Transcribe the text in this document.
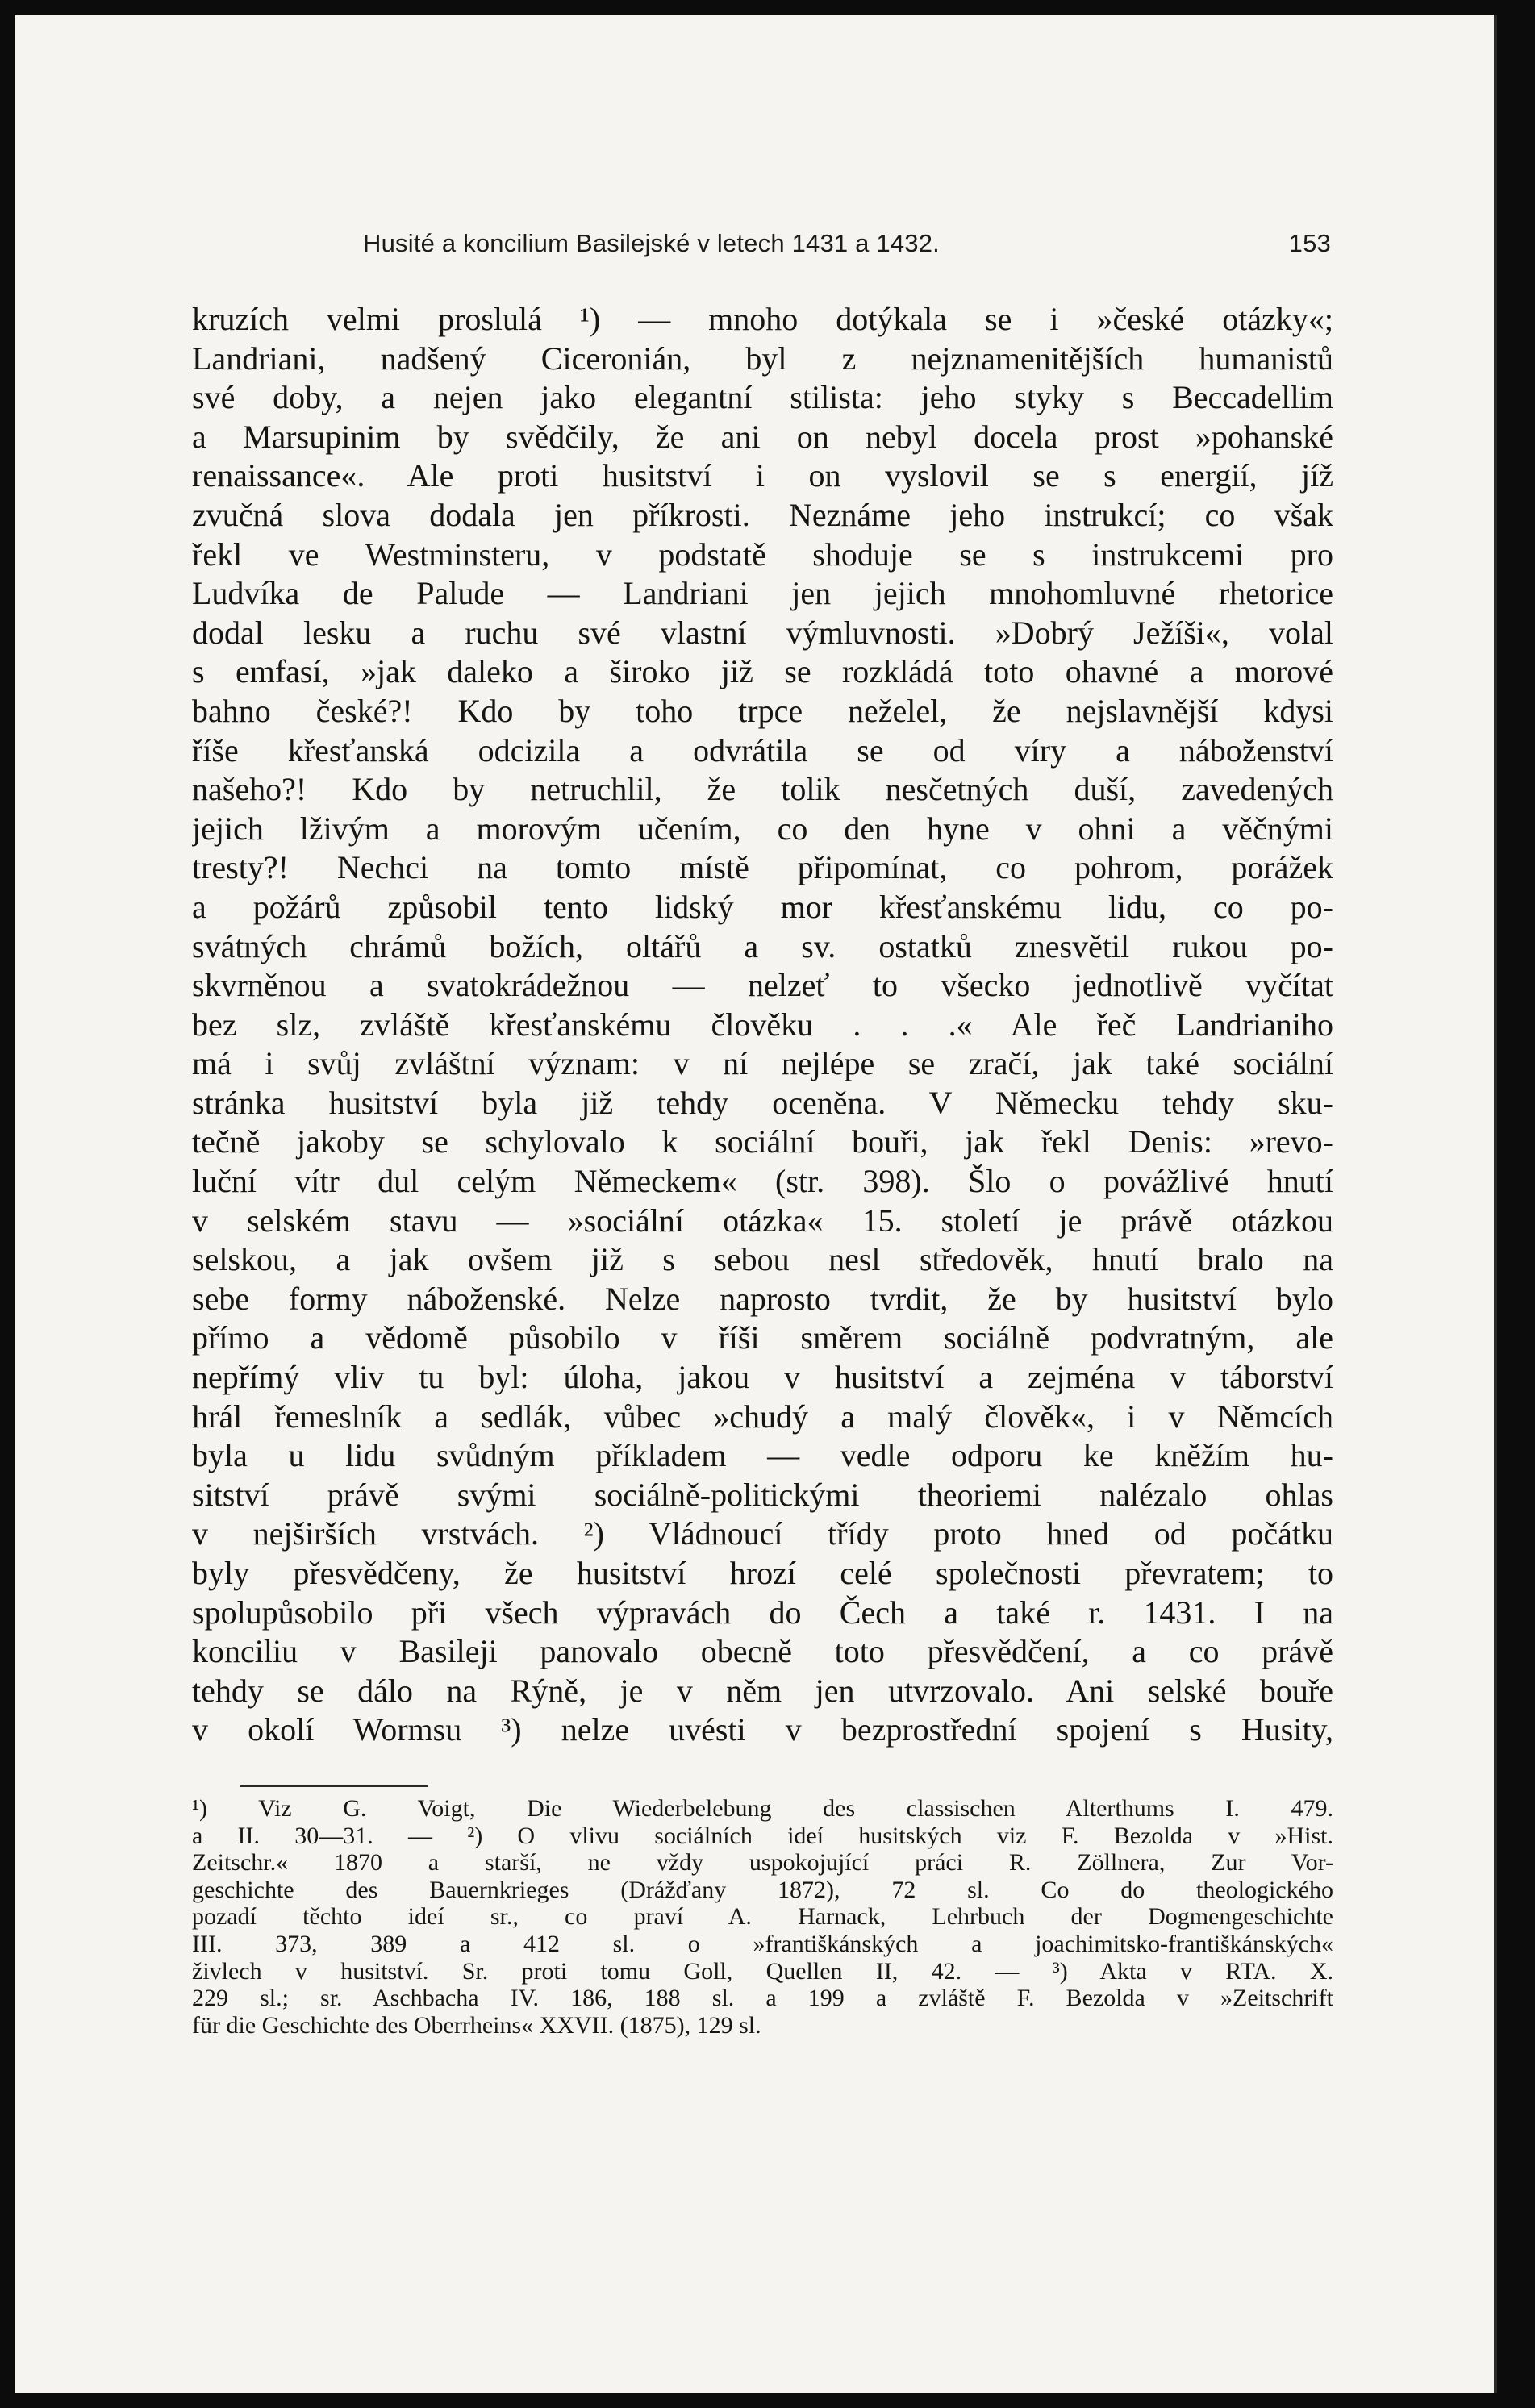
Husité a koncilium Basilejské v letech 1431 a 1432.	153
kruzích velmi proslulá ¹) — mnoho dotýkala se i »české otázky«;
Landriani, nadšený Ciceronián, byl z nejznamenitějších humanistů
své doby, a nejen jako elegantní stilista: jeho styky s Beccadellim
a Marsupinim by svědčily, že ani on nebyl docela prost »pohanské
renaissance«. Ale proti husitství i on vyslovil se s energií, jíž
zvučná slova dodala jen příkrosti. Neznáme jeho instrukcí; co však
řekl ve Westminsteru, v podstatě shoduje se s instrukcemi pro
Ludvíka de Palude — Landriani jen jejich mnohomluvné rhetorice
dodal lesku a ruchu své vlastní výmluvnosti. »Dobrý Ježíši«, volal
s emfasí, »jak daleko a široko již se rozkládá toto ohavné a morové
bahno české?! Kdo by toho trpce neželel, že nejslavnější kdysi
říše křesťanská odcizila a odvrátila se od víry a náboženství
našeho?! Kdo by netruchlil, že tolik nesčetných duší, zavedených
jejich lživým a morovým učením, co den hyne v ohni a věčnými
tresty?! Nechci na tomto místě připomínat, co pohrom, porážek
a požárů způsobil tento lidský mor křesťanskému lidu, co po-
svátných chrámů božích, oltářů a sv. ostatků znesvětil rukou po-
skvrněnou a svatokrádežnou — nelzeť to všecko jednotlivě vyčítat
bez slz, zvláště křesťanskému člověku . . .« Ale řeč Landrianiho
má i svůj zvláštní význam: v ní nejlépe se zračí, jak také sociální
stránka husitství byla již tehdy oceněna. V Německu tehdy sku-
tečně jakoby se schylovalo k sociální bouři, jak řekl Denis: »revo-
luční vítr dul celým Německem« (str. 398). Šlo o povážlivé hnutí
v selském stavu — »sociální otázka« 15. století je právě otázkou
selskou, a jak ovšem již s sebou nesl středověk, hnutí bralo na
sebe formy náboženské. Nelze naprosto tvrdit, že by husitství bylo
přímo a vědomě působilo v říši směrem sociálně podvratným, ale
nepřímý vliv tu byl: úloha, jakou v husitství a zejména v táborství
hrál řemeslník a sedlák, vůbec »chudý a malý člověk«, i v Němcích
byla u lidu svůdným příkladem — vedle odporu ke kněžím hu-
sitství právě svými sociálně-politickými theoriemi nalézalo ohlas
v nejširších vrstvách. ²) Vládnoucí třídy proto hned od počátku
byly přesvědčeny, že husitství hrozí celé společnosti převratem; to
spolupůsobilo při všech výpravách do Čech a také r. 1431. I na
konciliu v Basileji panovalo obecně toto přesvědčení, a co právě
tehdy se dálo na Rýně, je v něm jen utvrzovalo. Ani selské bouře
v okolí Wormsu ³) nelze uvésti v bezprostřední spojení s Husity,
¹) Viz G. Voigt, Die Wiederbelebung des classischen Alterthums I. 479.
a II. 30—31. — ²) O vlivu sociálních ideí husitských viz F. Bezolda v »Hist.
Zeitschr.« 1870 a starší, ne vždy uspokojující práci R. Zöllnera, Zur Vor-
geschichte des Bauernkrieges (Drážďany 1872), 72 sl. Co do theologického
pozadí těchto ideí sr., co praví A. Harnack, Lehrbuch der Dogmengeschichte
III. 373, 389 a 412 sl. o »františkánských a joachimitsko-františkánských«
živlech v husitství. Sr. proti tomu Goll, Quellen II, 42. — ³) Akta v RTA. X.
229 sl.; sr. Aschbacha IV. 186, 188 sl. a 199 a zvláště F. Bezolda v »Zeitschrift
für die Geschichte des Oberrheins« XXVII. (1875), 129 sl.
